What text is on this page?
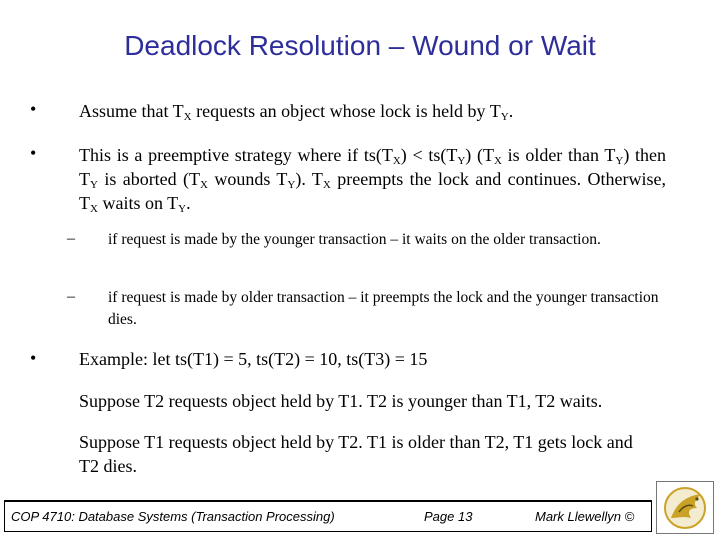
Deadlock Resolution – Wound or Wait
• Assume that $T_X$ requests an object whose lock is held by $T_Y$.
• This is a preemptive strategy where if $ts(T_X) < ts(T_Y)$ ($T_X$ is older than $T_Y$) then $T_Y$ is aborted ($T_X$ wounds $T_Y$). $T_X$ preempts the lock and continues. Otherwise, $T_X$ waits on $T_Y$.
– if request is made by the younger transaction – it waits on the older transaction.
– if request is made by older transaction – it preempts the lock and the younger transaction dies.
• Example: let ts(T1) = 5, ts(T2) = 10, ts(T3) = 15
Suppose T2 requests object held by T1. T2 is younger than T1, T2 waits.
Suppose T1 requests object held by T2. T1 is older than T2, T1 gets lock and T2 dies.
COP 4710: Database Systems (Transaction Processing)	Page 13	Mark Llewellyn ©
